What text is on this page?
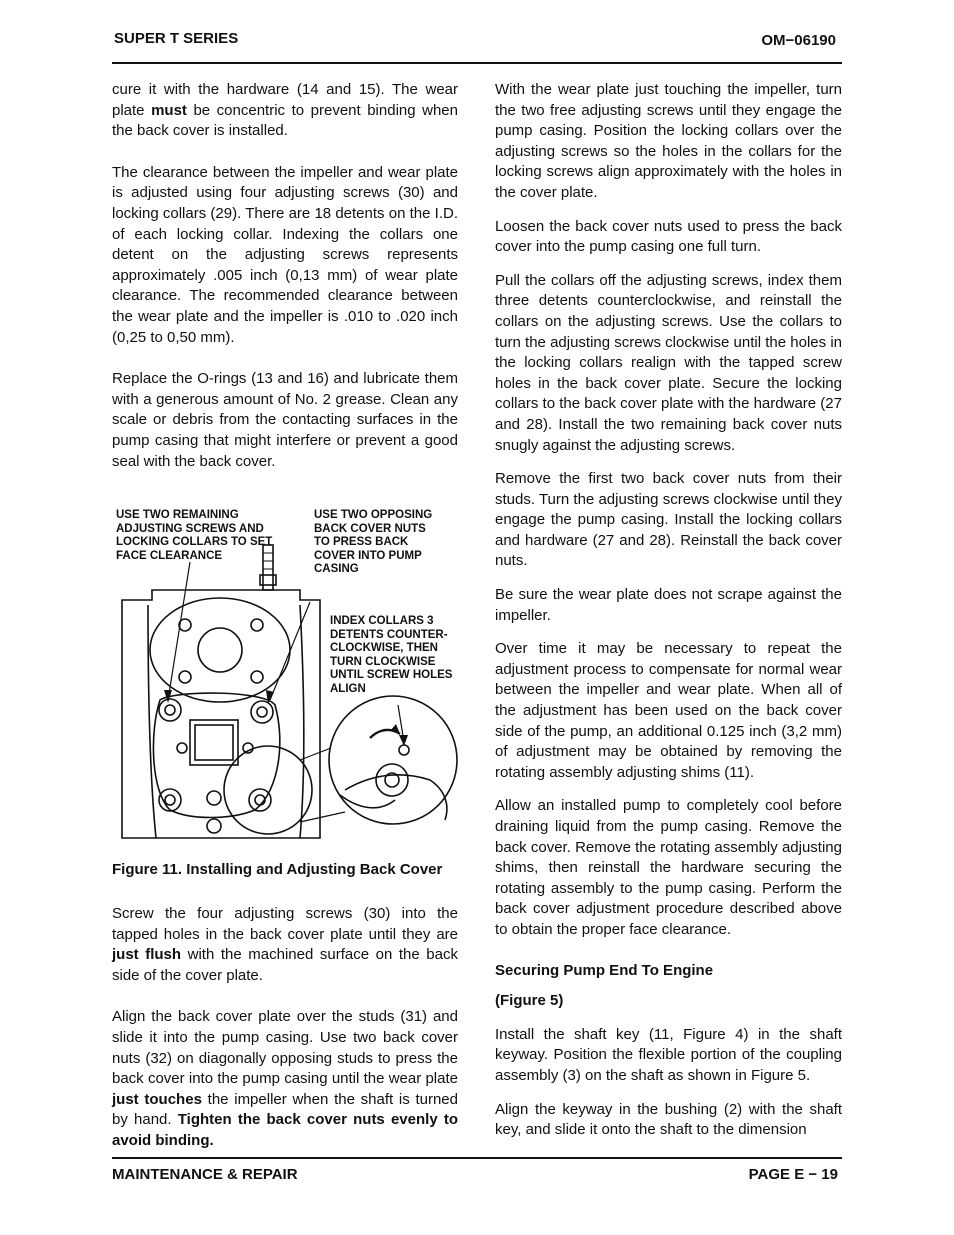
SUPER T SERIES	OM−06190

cure it with the hardware (14 and 15). The wear plate must be concentric to prevent binding when the back cover is installed.

The clearance between the impeller and wear plate is adjusted using four adjusting screws (30) and locking collars (29). There are 18 detents on the I.D. of each locking collar. Indexing the collars one detent on the adjusting screws represents approximately .005 inch (0,13 mm) of wear plate clearance. The recommended clearance between the wear plate and the impeller is .010 to .020 inch (0,25 to 0,50 mm).

Replace the O-rings (13 and 16) and lubricate them with a generous amount of No. 2 grease. Clean any scale or debris from the contacting surfaces in the pump casing that might interfere or prevent a good seal with the back cover.

USE TWO REMAINING ADJUSTING SCREWS AND LOCKING COLLARS TO SET FACE CLEARANCE
USE TWO OPPOSING BACK COVER NUTS TO PRESS BACK COVER INTO PUMP CASING
INDEX COLLARS 3 DETENTS COUNTER- CLOCKWISE, THEN TURN CLOCKWISE UNTIL SCREW HOLES ALIGN
Figure 11. Installing and Adjusting Back Cover

Screw the four adjusting screws (30) into the tapped holes in the back cover plate until they are just flush with the machined surface on the back side of the cover plate.

Align the back cover plate over the studs (31) and slide it into the pump casing. Use two back cover nuts (32) on diagonally opposing studs to press the back cover into the pump casing until the wear plate just touches the impeller when the shaft is turned by hand. Tighten the back cover nuts evenly to avoid binding.

With the wear plate just touching the impeller, turn the two free adjusting screws until they engage the pump casing. Position the locking collars over the adjusting screws so the holes in the collars for the locking screws align approximately with the holes in the cover plate.

Loosen the back cover nuts used to press the back cover into the pump casing one full turn.

Pull the collars off the adjusting screws, index them three detents counterclockwise, and reinstall the collars on the adjusting screws. Use the collars to turn the adjusting screws clockwise until the holes in the locking collars realign with the tapped screw holes in the back cover plate. Secure the locking collars to the back cover plate with the hardware (27 and 28). Install the two remaining back cover nuts snugly against the adjusting screws.

Remove the first two back cover nuts from their studs. Turn the adjusting screws clockwise until they engage the pump casing. Install the locking collars and hardware (27 and 28). Reinstall the back cover nuts.

Be sure the wear plate does not scrape against the impeller.

Over time it may be necessary to repeat the adjustment process to compensate for normal wear between the impeller and wear plate. When all of the adjustment has been used on the back cover side of the pump, an additional 0.125 inch (3,2 mm) of adjustment may be obtained by removing the rotating assembly adjusting shims (11).

Allow an installed pump to completely cool before draining liquid from the pump casing. Remove the back cover. Remove the rotating assembly adjusting shims, then reinstall the hardware securing the rotating assembly to the pump casing. Perform the back cover adjustment procedure described above to obtain the proper face clearance.

Securing Pump End To Engine

(Figure 5)

Install the shaft key (11, Figure 4) in the shaft keyway. Position the flexible portion of the coupling assembly (3) on the shaft as shown in Figure 5.

Align the keyway in the bushing (2) with the shaft key, and slide it onto the shaft to the dimension

MAINTENANCE & REPAIR	PAGE E − 19
